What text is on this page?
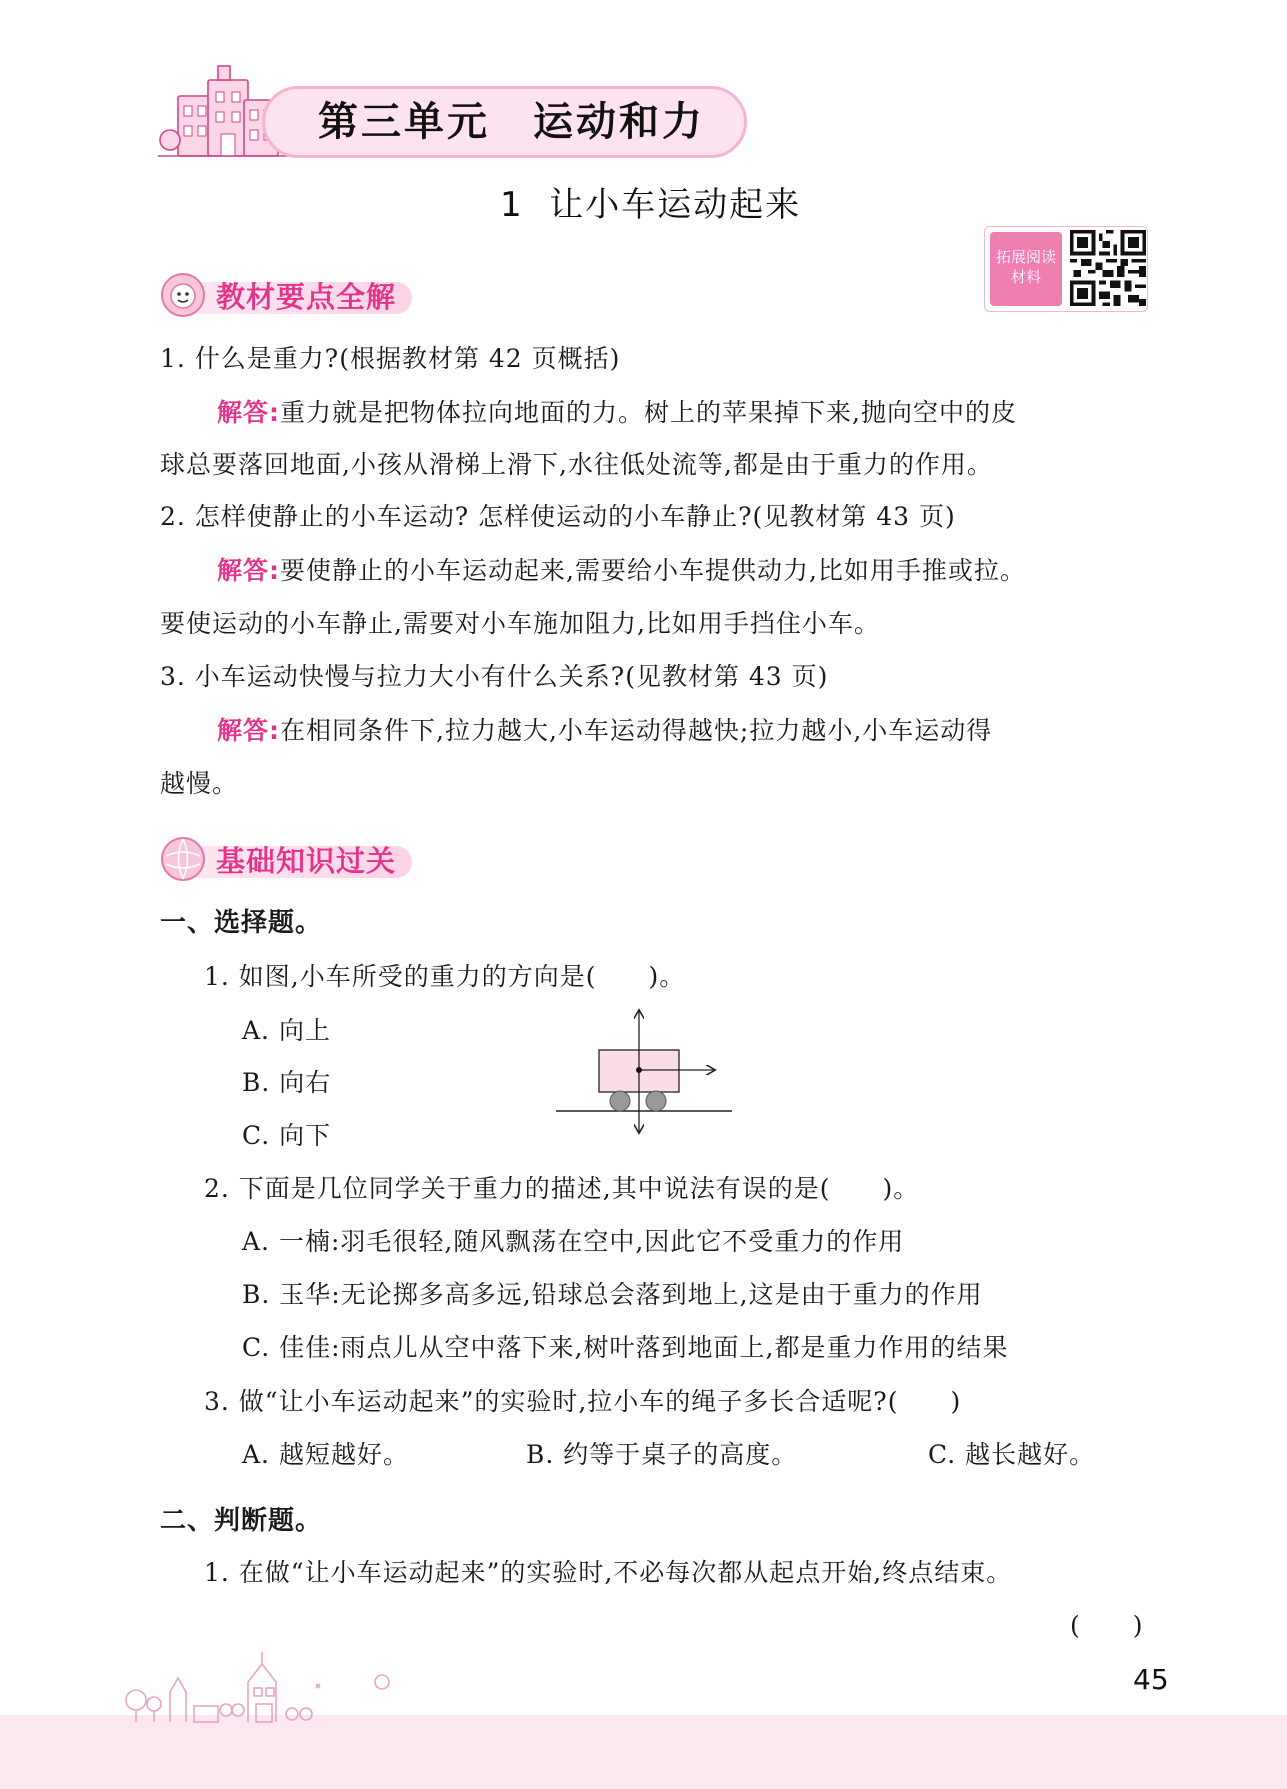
第三单元　运动和力
1  让小车运动起来
拓展阅读
材料
教材要点全解
1. 什么是重力?(根据教材第 42 页概括)
解答:重力就是把物体拉向地面的力。树上的苹果掉下来,抛向空中的皮
球总要落回地面,小孩从滑梯上滑下,水往低处流等,都是由于重力的作用。
2. 怎样使静止的小车运动? 怎样使运动的小车静止?(见教材第 43 页)
解答:要使静止的小车运动起来,需要给小车提供动力,比如用手推或拉。
要使运动的小车静止,需要对小车施加阻力,比如用手挡住小车。
3. 小车运动快慢与拉力大小有什么关系?(见教材第 43 页)
解答:在相同条件下,拉力越大,小车运动得越快;拉力越小,小车运动得
越慢。
基础知识过关
一、选择题。
1. 如图,小车所受的重力的方向是(　　)。
A. 向上
B. 向右
C. 向下
2. 下面是几位同学关于重力的描述,其中说法有误的是(　　)。
A. 一楠:羽毛很轻,随风飘荡在空中,因此它不受重力的作用
B. 玉华:无论掷多高多远,铅球总会落到地上,这是由于重力的作用
C. 佳佳:雨点儿从空中落下来,树叶落到地面上,都是重力作用的结果
3. 做“让小车运动起来”的实验时,拉小车的绳子多长合适呢?(　　)
A. 越短越好。	B. 约等于桌子的高度。	C. 越长越好。
二、判断题。
1. 在做“让小车运动起来”的实验时,不必每次都从起点开始,终点结束。
(　　)
45
